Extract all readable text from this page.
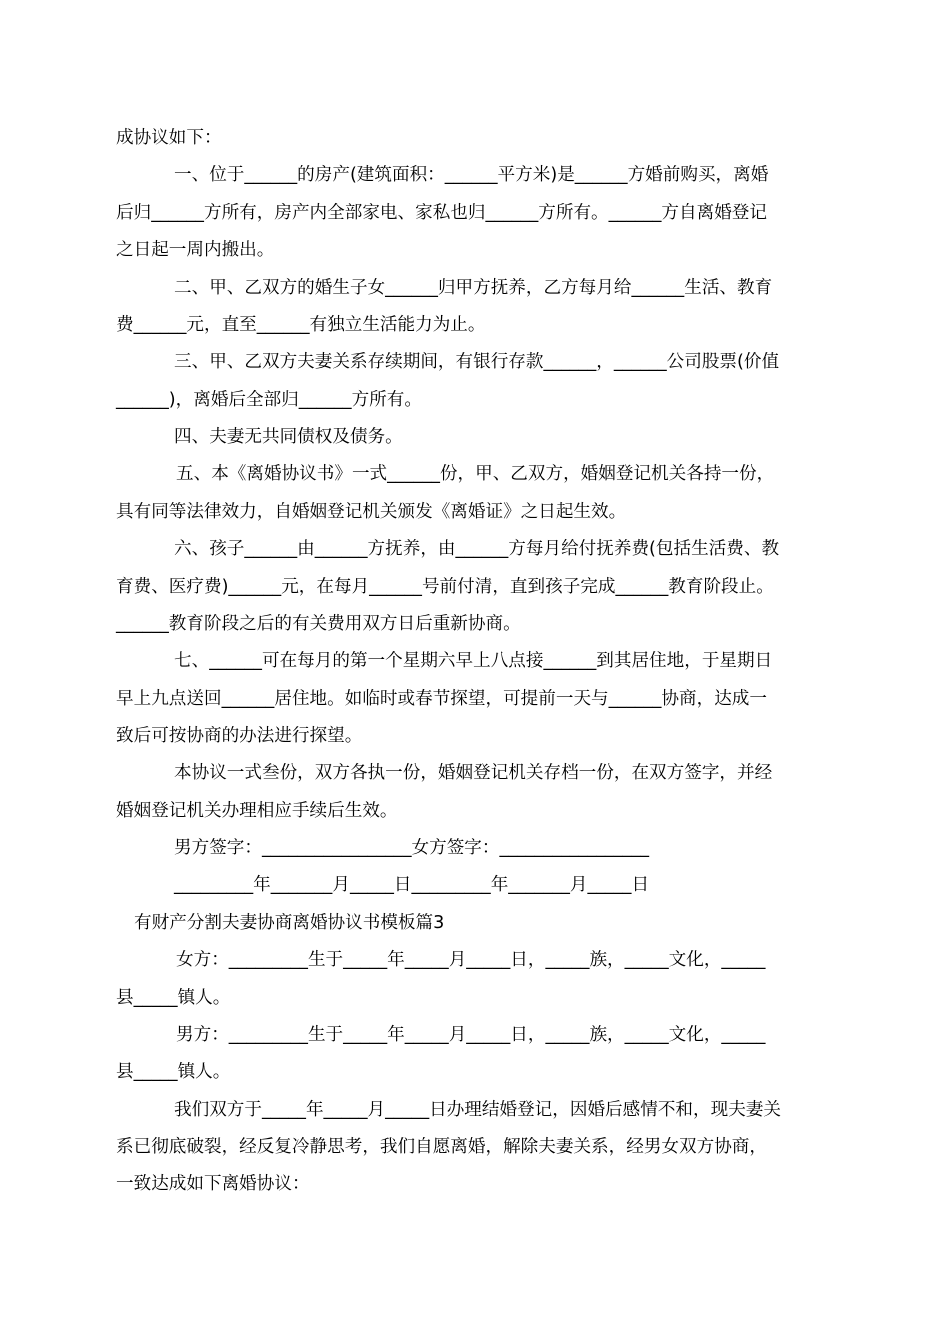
成协议如下：
一、位于______的房产(建筑面积：______平方米)是______方婚前购买，离婚
后归______方所有，房产内全部家电、家私也归______方所有。______方自离婚登记
之日起一周内搬出。
二、甲、乙双方的婚生子女______归甲方抚养，乙方每月给______生活、教育
费______元，直至______有独立生活能力为止。
三、甲、乙双方夫妻关系存续期间，有银行存款______，______公司股票(价值
______)，离婚后全部归______方所有。
四、夫妻无共同债权及债务。
五、本《离婚协议书》一式______份，甲、乙双方，婚姻登记机关各持一份，
具有同等法律效力，自婚姻登记机关颁发《离婚证》之日起生效。
六、孩子______由______方抚养，由______方每月给付抚养费(包括生活费、教
育费、医疗费)______元，在每月______号前付清，直到孩子完成______教育阶段止。
______教育阶段之后的有关费用双方日后重新协商。
七、______可在每月的第一个星期六早上八点接______到其居住地，于星期日
早上九点送回______居住地。如临时或春节探望，可提前一天与______协商，达成一
致后可按协商的办法进行探望。
本协议一式叁份，双方各执一份，婚姻登记机关存档一份，在双方签字，并经
婚姻登记机关办理相应手续后生效。
男方签字：_________________女方签字：_________________
_________年_______月_____日_________年_______月_____日
有财产分割夫妻协商离婚协议书模板篇3
女方：_________生于_____年_____月_____日，_____族，_____文化，_____
县_____镇人。
男方：_________生于_____年_____月_____日，_____族，_____文化，_____
县_____镇人。
我们双方于_____年_____月_____日办理结婚登记，因婚后感情不和，现夫妻关
系已彻底破裂，经反复冷静思考，我们自愿离婚，解除夫妻关系，经男女双方协商，
一致达成如下离婚协议：
